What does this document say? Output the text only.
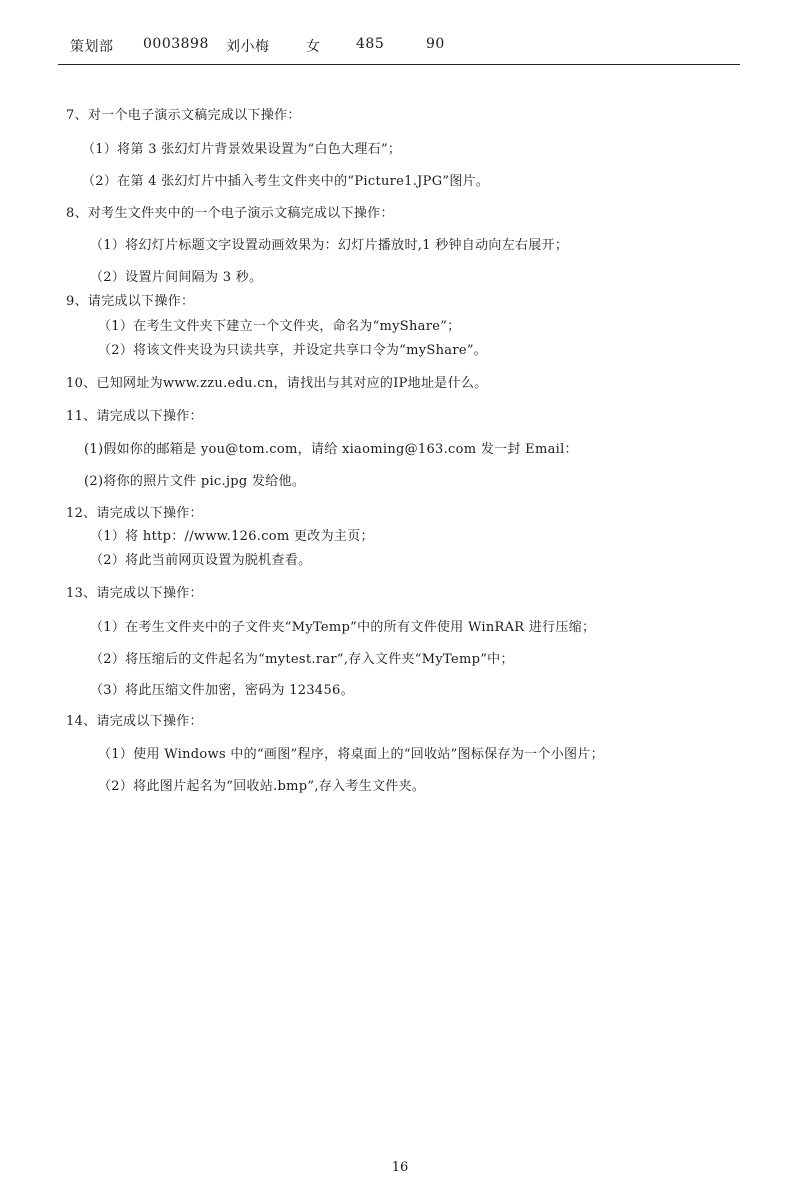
策划部 0003898 刘小梅	女	485	90
7、对一个电子演示文稿完成以下操作：
（1）将第 3 张幻灯片背景效果设置为“白色大理石”；
（2）在第 4 张幻灯片中插入考生文件夹中的“Picture1.JPG”图片。
8、对考生文件夹中的一个电子演示文稿完成以下操作：
（1）将幻灯片标题文字设置动画效果为：幻灯片播放时,1 秒钟自动向左右展开；
（2）设置片间间隔为 3 秒。
9、请完成以下操作：
（1）在考生文件夹下建立一个文件夹，命名为“myShare”；
（2）将该文件夹设为只读共享，并设定共享口令为“myShare”。
10、已知网址为www.zzu.edu.cn，请找出与其对应的IP地址是什么。
11、请完成以下操作：
(1)假如你的邮箱是 you@tom.com，请给 xiaoming@163.com 发一封 Email：
(2)将你的照片文件 pic.jpg 发给他。
12、请完成以下操作：
（1）将 http：//www.126.com 更改为主页；
（2）将此当前网页设置为脱机查看。
13、请完成以下操作：
（1）在考生文件夹中的子文件夹“MyTemp”中的所有文件使用 WinRAR 进行压缩；
（2）将压缩后的文件起名为“mytest.rar”,存入文件夹“MyTemp”中；
（3）将此压缩文件加密，密码为 123456。
14、请完成以下操作：
（1）使用 Windows 中的“画图”程序，将桌面上的“回收站”图标保存为一个小图片；
（2）将此图片起名为“回收站.bmp”,存入考生文件夹。
16
